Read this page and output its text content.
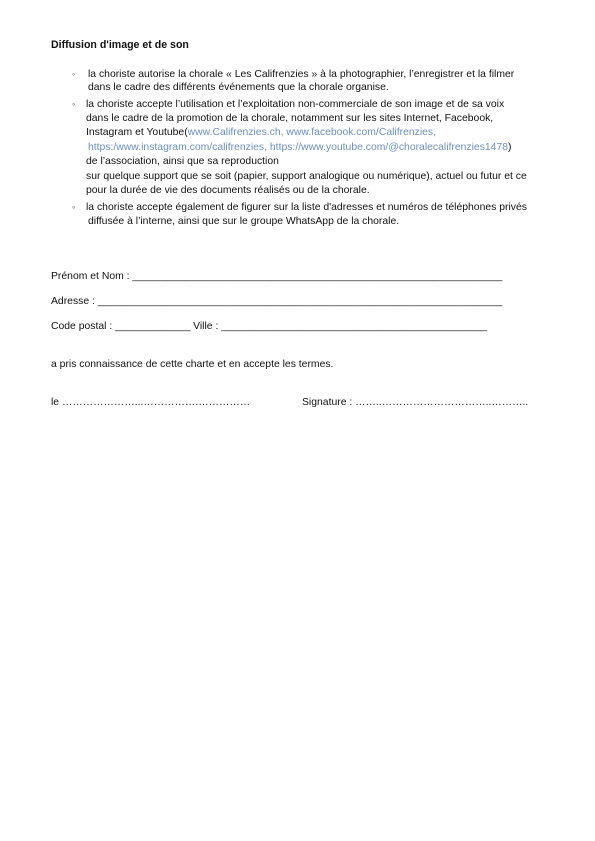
Diffusion d'image et de son
◦ la choriste autorise la chorale « Les Califrenzies » à la photographier, l’enregistrer et la filmer
dans le cadre des différents événements que la chorale organise.
◦ la choriste accepte l’utilisation et l’exploitation non-commerciale de son image et de sa voix
dans le cadre de la promotion de la chorale, notamment sur les sites Internet, Facebook,
Instagram et Youtube(www.Califrenzies.ch, www.facebook.com/Califrenzies,
https:/www.instagram.com/califrenzies, https://www.youtube.com/@choralecalifrenzies1478)
de l’association, ainsi que sa reproduction
sur quelque support que se soit (papier, support analogique ou numérique), actuel ou futur et ce
pour la durée de vie des documents réalisés ou de la chorale.
◦ la choriste accepte également de figurer sur la liste d'adresses et numéros de téléphones privés
diffusée à l’interne, ainsi que sur le groupe WhatsApp de la chorale.
Prénom et Nom : ________________________________________________________________
Adresse : ______________________________________________________________________
Code postal : _____________ Ville : ______________________________________________
a pris connaissance de cette charte et en accepte les termes.
le …………………...…………….……………	Signature : ……..…………………………..………..
